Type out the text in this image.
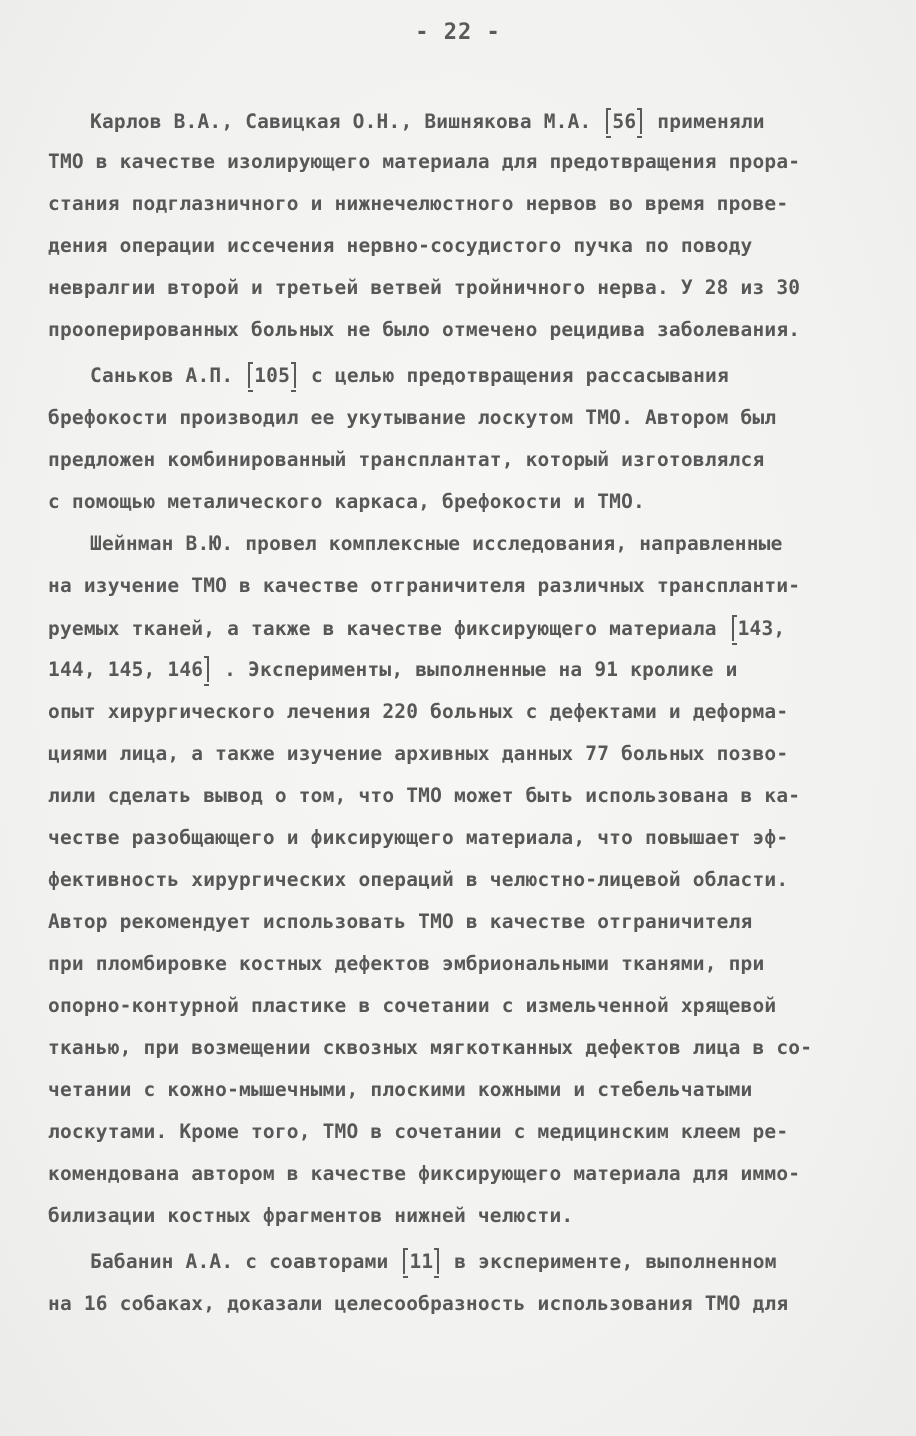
- 22 -
Карлов В.А., Савицкая О.Н., Вишнякова М.А. 56 применяли
ТМО в качестве изолирующего материала для предотвращения прора-
стания подглазничного и нижнечелюстного нервов во время прове-
дения операции иссечения нервно-сосудистого пучка по поводу
невралгии второй и третьей ветвей тройничного нерва. У 28 из 30
прооперированных больных не было отмечено рецидива заболевания.
Саньков А.П. 105 с целью предотвращения рассасывания
брефокости производил ее укутывание лоскутом ТМО. Автором был
предложен комбинированный трансплантат, который изготовлялся
с помощью металического каркаса, брефокости и ТМО.
Шейнман В.Ю. провел комплексные исследования, направленные
на изучение ТМО в качестве отграничителя различных транспланти-
руемых тканей, а также в качестве фиксирующего материала 143,
144, 145, 146 . Эксперименты, выполненные на 91 кролике и
опыт хирургического лечения 220 больных с дефектами и деформа-
циями лица, а также изучение архивных данных 77 больных позво-
лили сделать вывод о том, что ТМО может быть использована в ка-
честве разобщающего и фиксирующего материала, что повышает эф-
фективность хирургических операций в челюстно-лицевой области.
Автор рекомендует использовать ТМО в качестве отграничителя
при пломбировке костных дефектов эмбриональными тканями, при
опорно-контурной пластике в сочетании с измельченной хрящевой
тканью, при возмещении сквозных мягкотканных дефектов лица в со-
четании с кожно-мышечными, плоскими кожными и стебельчатыми
лоскутами. Кроме того, ТМО в сочетании с медицинским клеем ре-
комендована автором в качестве фиксирующего материала для иммо-
билизации костных фрагментов нижней челюсти.
Бабанин А.А. с соавторами 11 в эксперименте, выполненном
на 16 собаках, доказали целесообразность использования ТМО для
